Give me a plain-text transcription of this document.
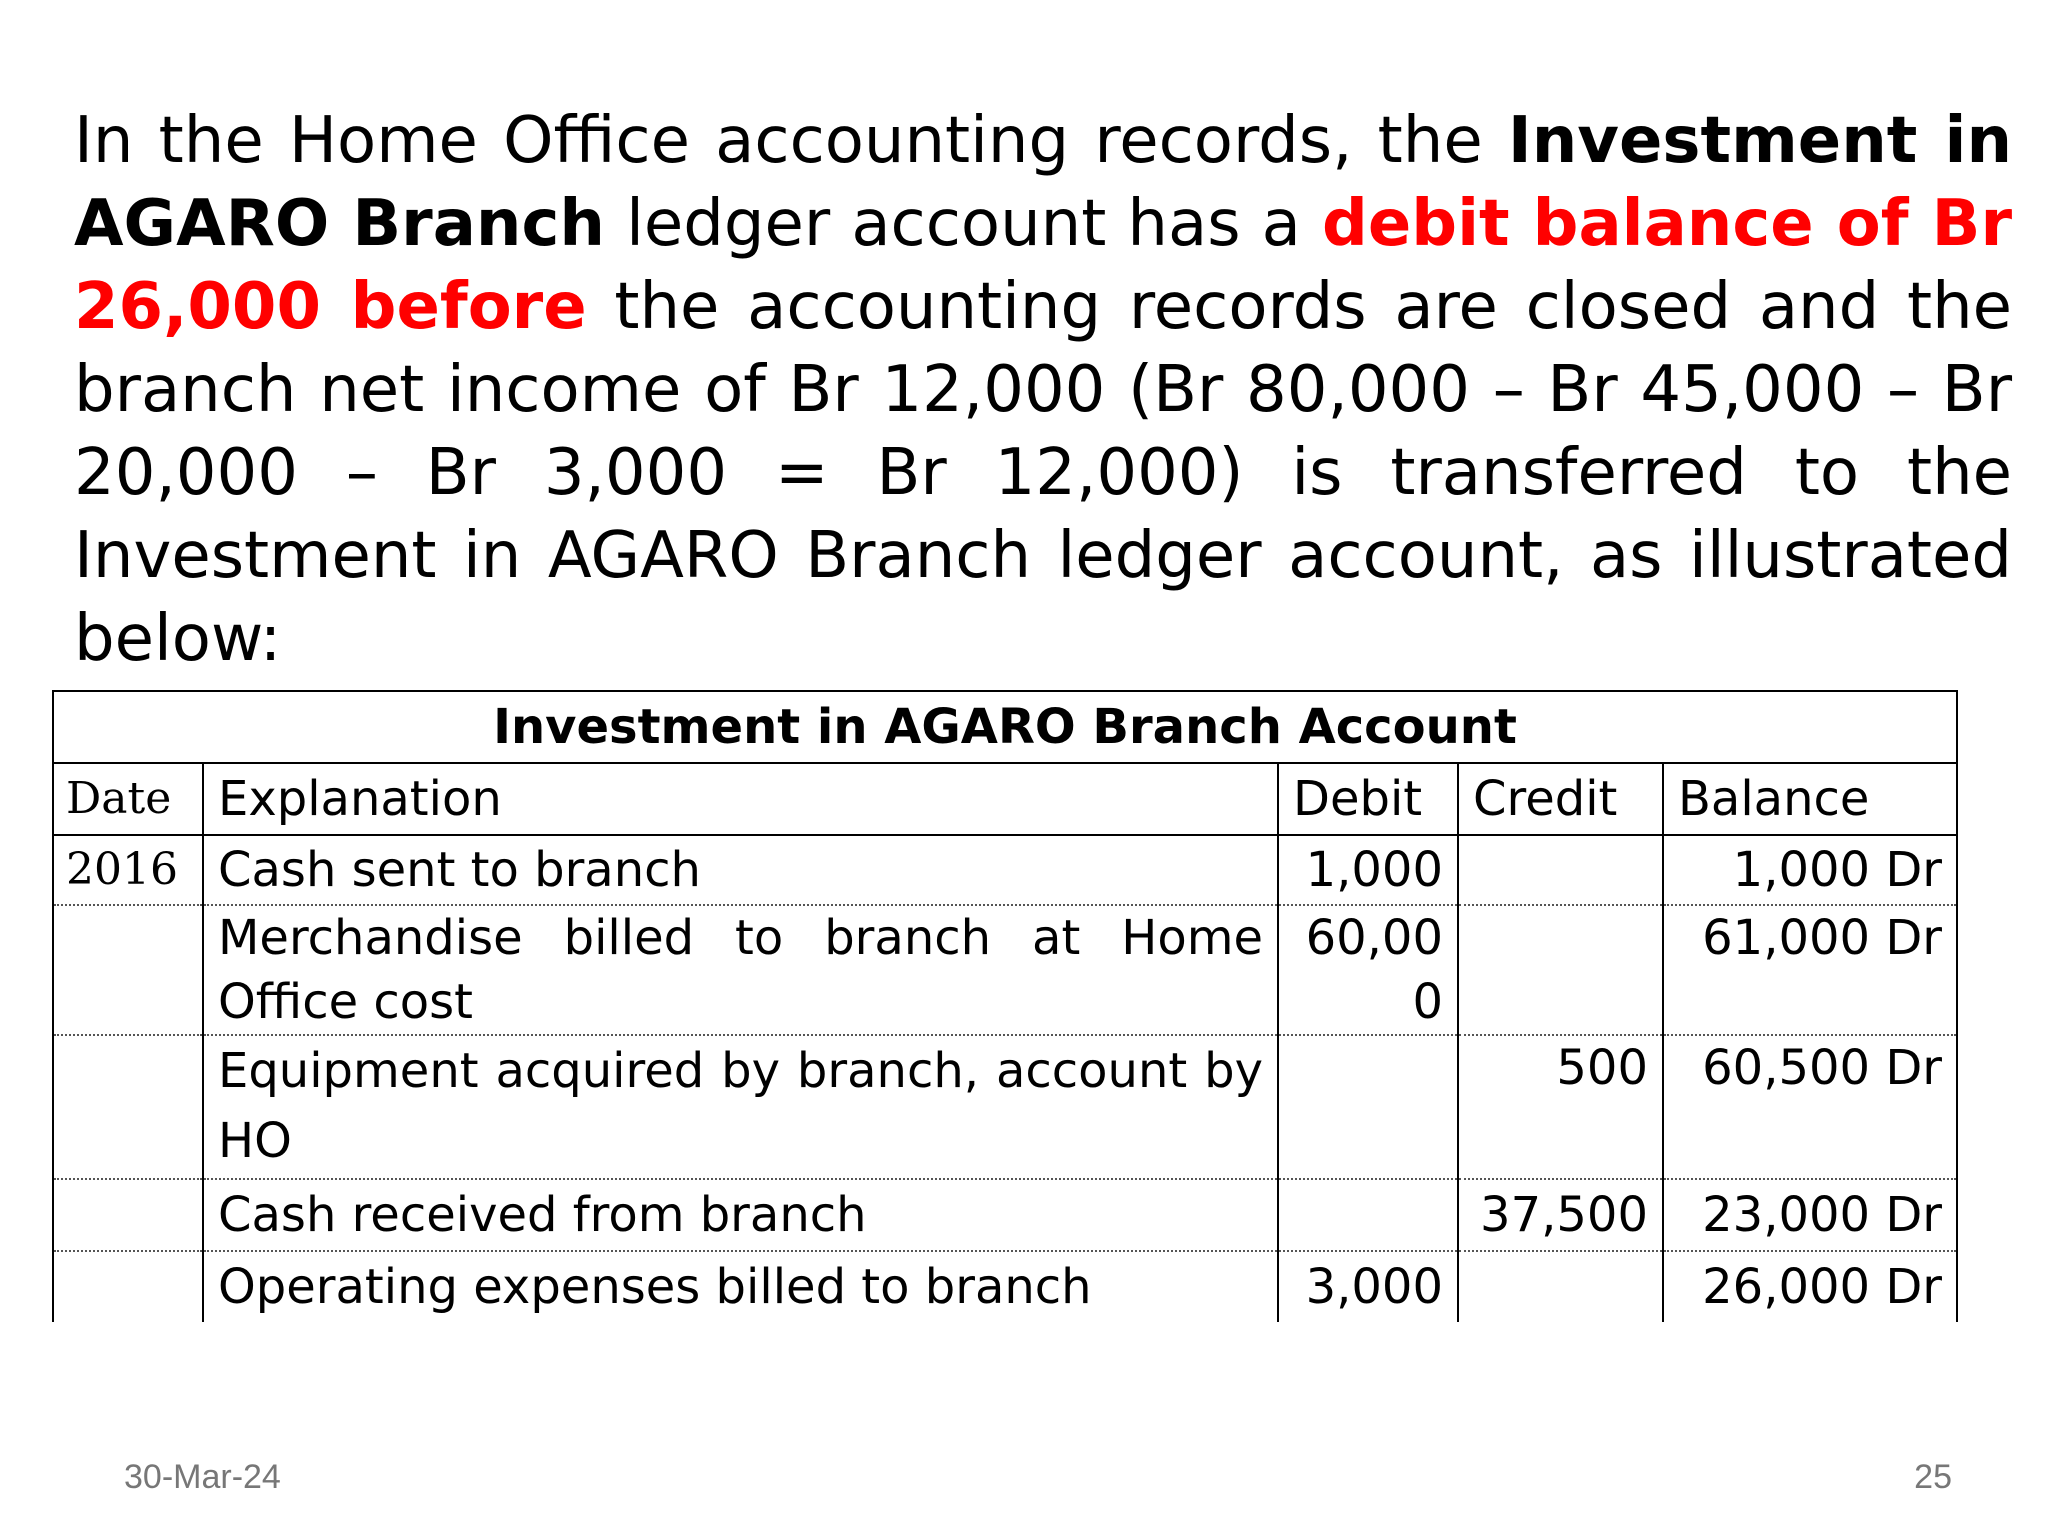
In the Home Office accounting records, the Investment in AGARO Branch ledger account has a debit balance of Br 26,000 before the accounting records are closed and the branch net income of Br 12,000 (Br 80,000 – Br 45,000 – Br 20,000 – Br 3,000 = Br 12,000) is transferred to the Investment in AGARO Branch ledger account, as illustrated below:

Investment in AGARO Branch Account				
Date	Explanation	Debit	Credit	Balance
2016	Cash sent to branch	1,000		1,000 Dr
	Merchandise billed to branch at Home Office cost	60,000		61,000 Dr
	Equipment acquired by branch, account by HO		500	60,500 Dr
	Cash received from branch		37,500	23,000 Dr
	Operating expenses billed to branch	3,000		26,000 Dr
30-Mar-24	25
